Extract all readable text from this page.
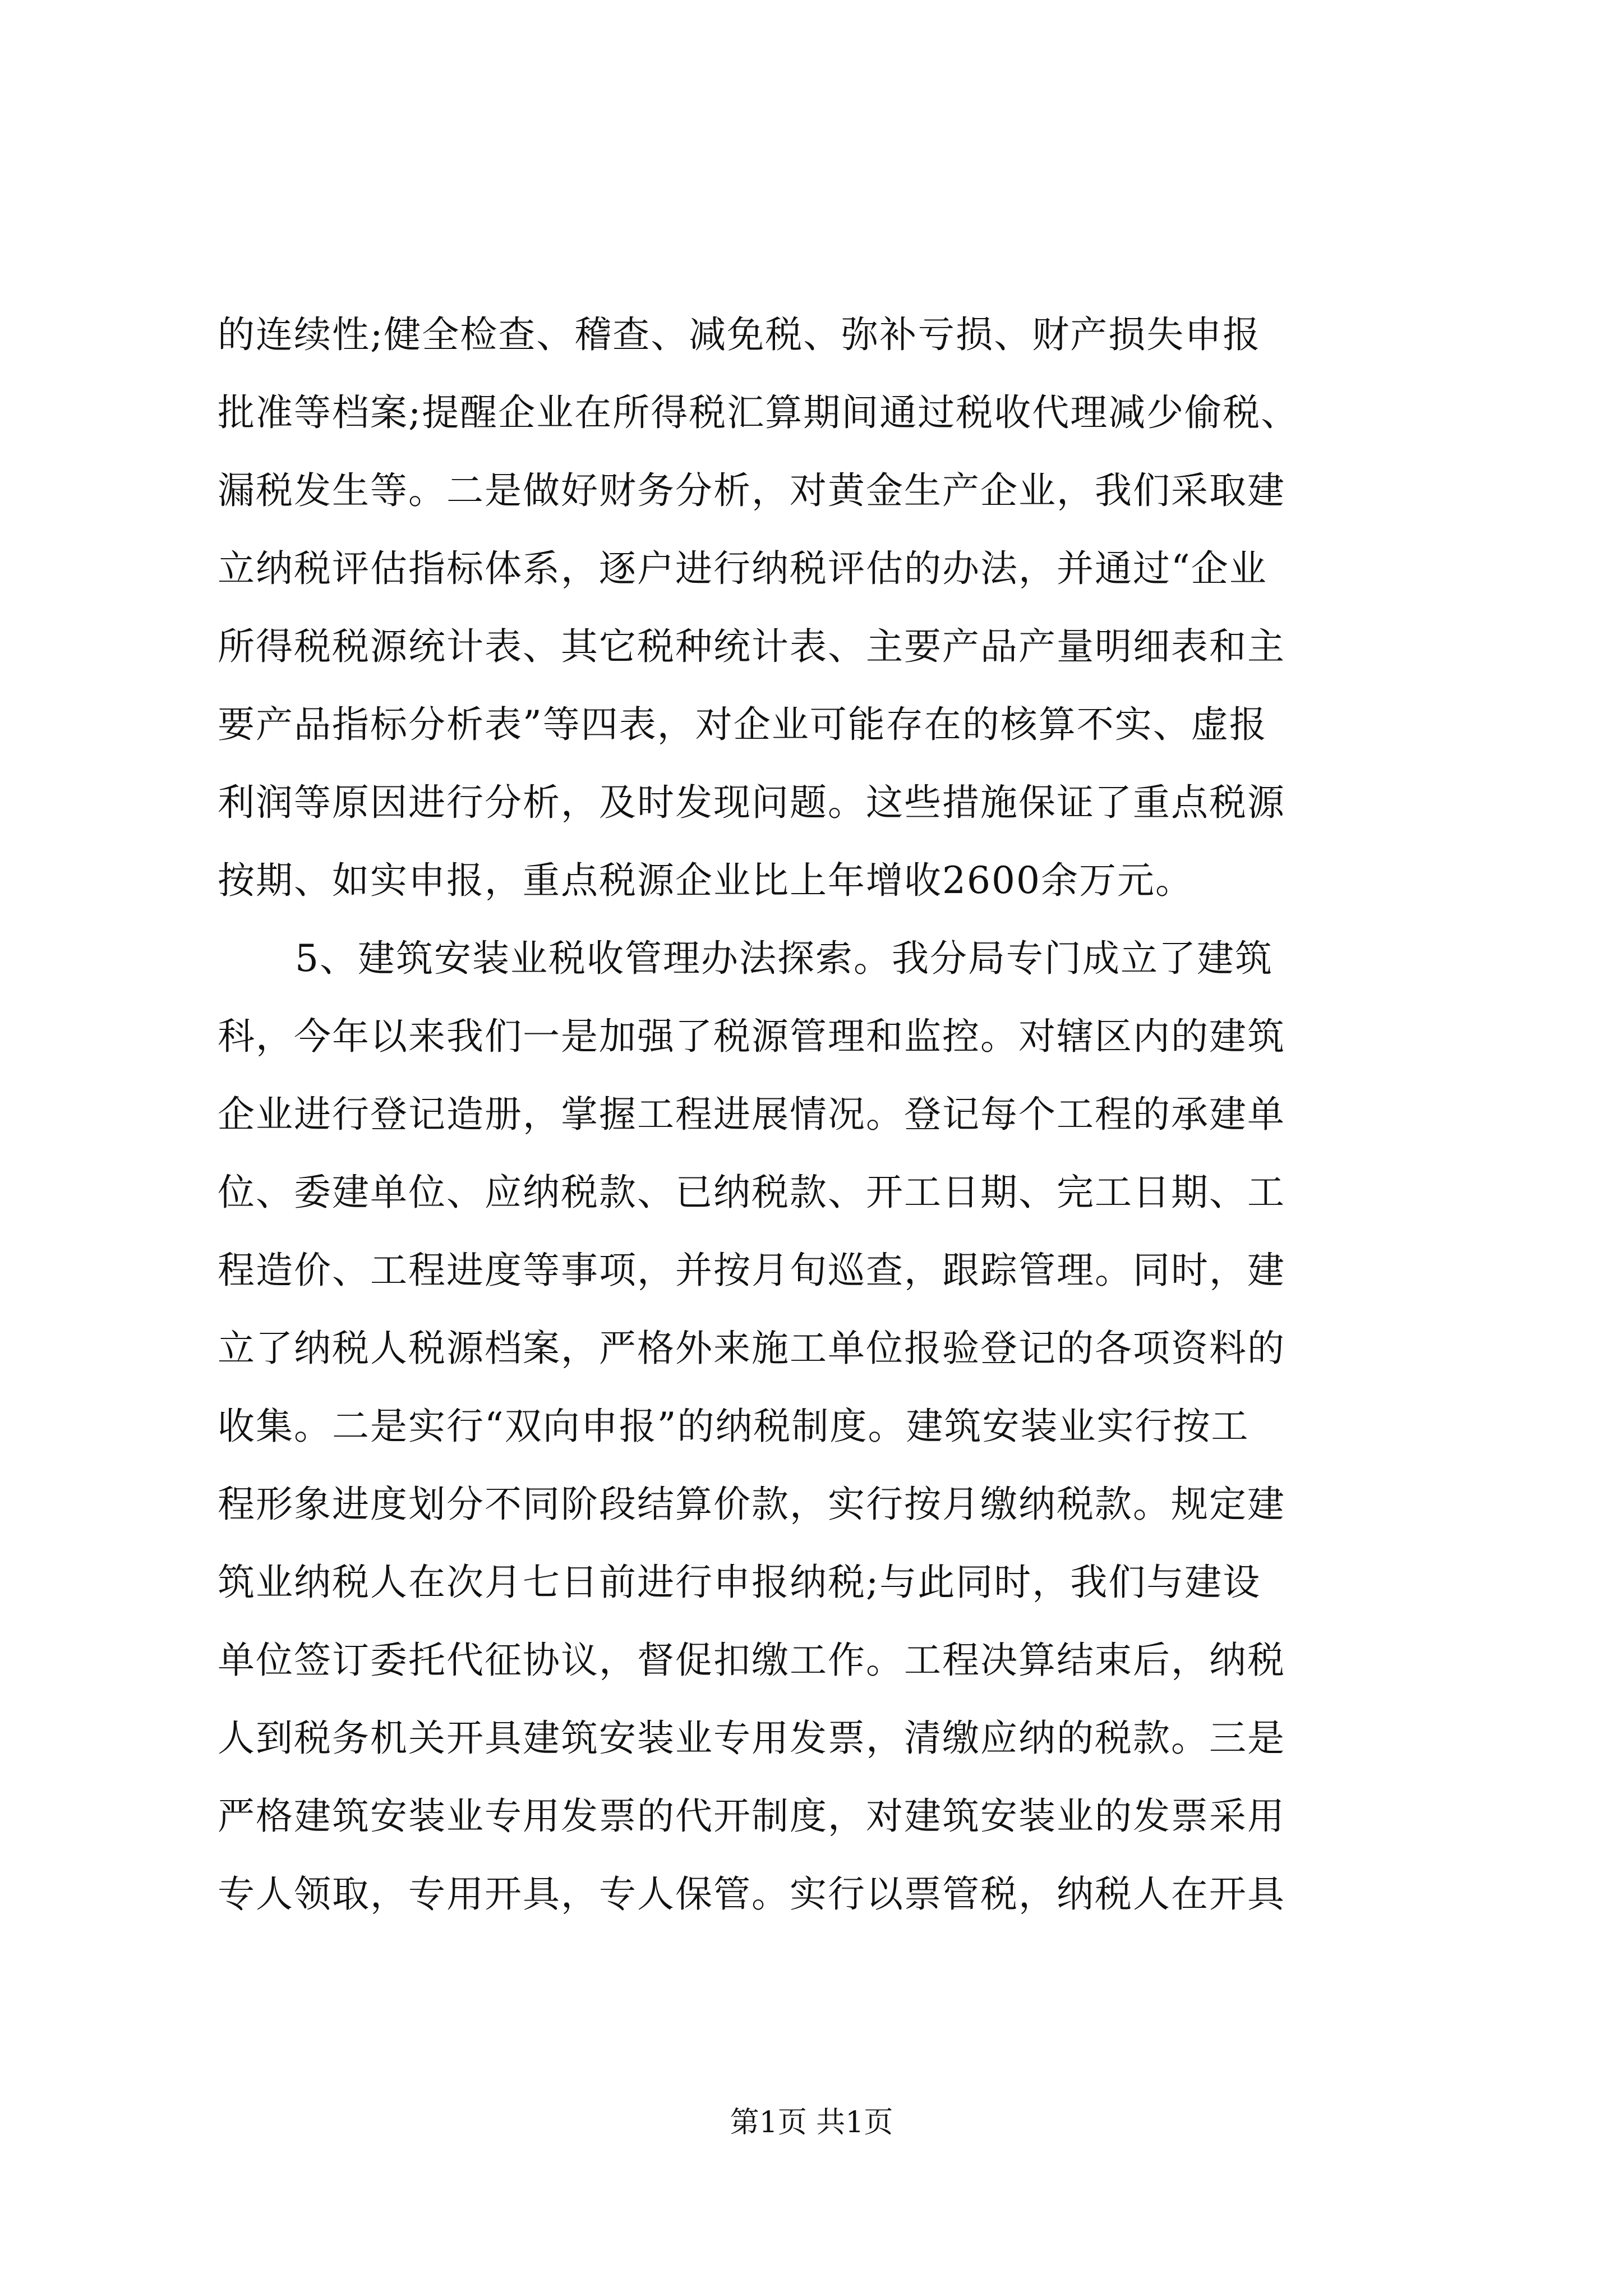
的连续性;健全检查、稽查、减免税、弥补亏损、财产损失申报
批准等档案;提醒企业在所得税汇算期间通过税收代理减少偷税、
漏税发生等。二是做好财务分析，对黄金生产企业，我们采取建
立纳税评估指标体系，逐户进行纳税评估的办法，并通过“企业
所得税税源统计表、其它税种统计表、主要产品产量明细表和主
要产品指标分析表”等四表，对企业可能存在的核算不实、虚报
利润等原因进行分析，及时发现问题。这些措施保证了重点税源
按期、如实申报，重点税源企业比上年增收2600余万元。
5、建筑安装业税收管理办法探索。我分局专门成立了建筑
科，今年以来我们一是加强了税源管理和监控。对辖区内的建筑
企业进行登记造册，掌握工程进展情况。登记每个工程的承建单
位、委建单位、应纳税款、已纳税款、开工日期、完工日期、工
程造价、工程进度等事项，并按月旬巡查，跟踪管理。同时，建
立了纳税人税源档案，严格外来施工单位报验登记的各项资料的
收集。二是实行“双向申报”的纳税制度。建筑安装业实行按工
程形象进度划分不同阶段结算价款，实行按月缴纳税款。规定建
筑业纳税人在次月七日前进行申报纳税;与此同时，我们与建设
单位签订委托代征协议，督促扣缴工作。工程决算结束后，纳税
人到税务机关开具建筑安装业专用发票，清缴应纳的税款。三是
严格建筑安装业专用发票的代开制度，对建筑安装业的发票采用
专人领取，专用开具，专人保管。实行以票管税，纳税人在开具
第1页 共1页
